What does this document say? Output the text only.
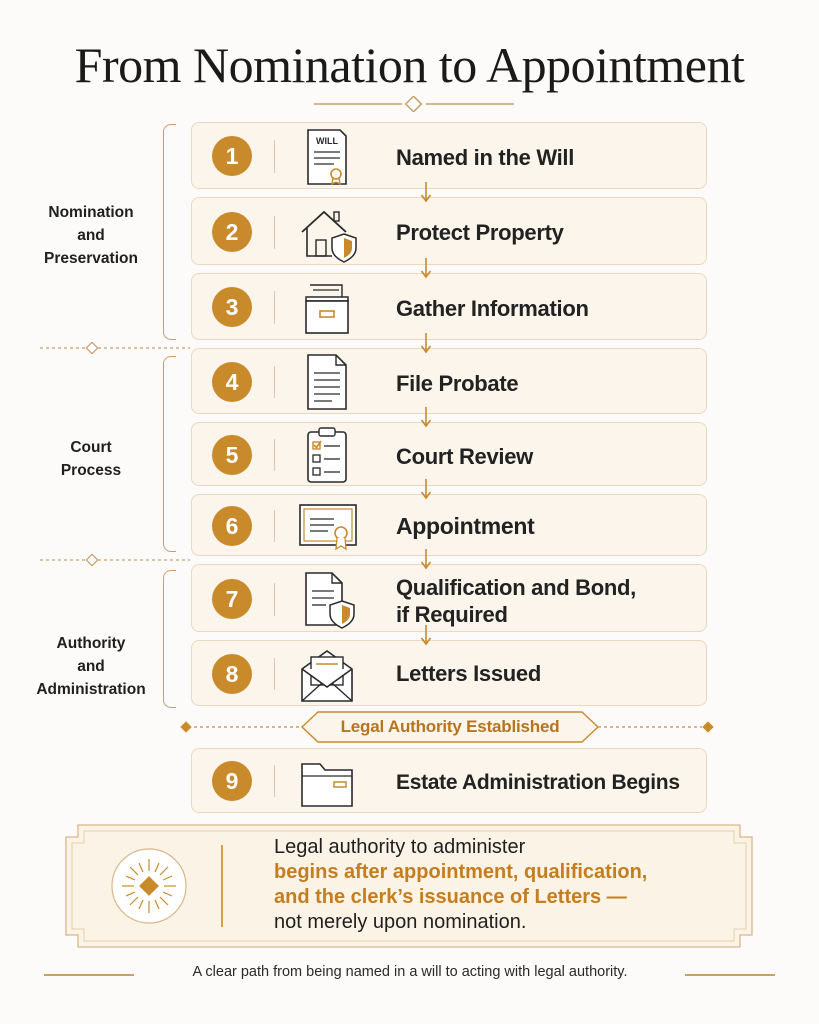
From Nomination to Appointment
Nomination
and
Preservation
Court
Process
Authority
and
Administration
1
WILL
Named in the Will
2	Protect Property
3	Gather Information
4	File Probate
5	Court Review
6	Appointment
7	Qualification and Bond,
if Required
8	Letters Issued
Legal Authority Established
9	Estate Administration Begins
Legal authority to administer
begins after appointment, qualification,
and the clerk’s issuance of Letters —
not merely upon nomination.
A clear path from being named in a will to acting with legal authority.
